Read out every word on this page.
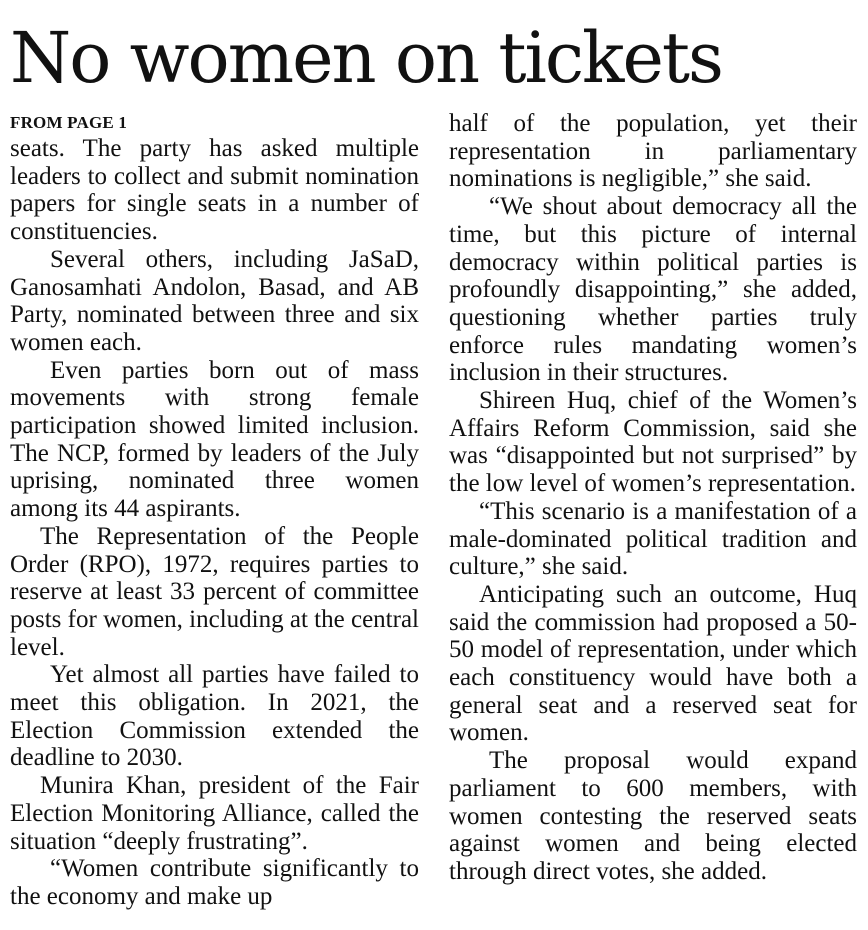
No women on tickets
FROM PAGE 1

seats. The party has asked multiple leaders to collect and submit nomination papers for single seats in a number of constituencies.

Several others, including JaSaD, Ganosamhati Andolon, Basad, and AB Party, nominated between three and six women each.

Even parties born out of mass movements with strong female participation showed limited inclusion. The NCP, formed by leaders of the July uprising, nominated three women among its 44 aspirants.

The Representation of the People Order (RPO), 1972, requires parties to reserve at least 33 percent of committee posts for women, including at the central level.

Yet almost all parties have failed to meet this obligation. In 2021, the Election Commission extended the deadline to 2030.

Munira Khan, president of the Fair Election Monitoring Alliance, called the situation “deeply frustrating”.

“Women contribute significantly to the economy and make up

half of the population, yet their representation in parliamentary nominations is negligible,” she said.

“We shout about democracy all the time, but this picture of internal democracy within political parties is profoundly disappointing,” she added, questioning whether parties truly enforce rules mandating women’s inclusion in their structures.

Shireen Huq, chief of the Women’s Affairs Reform Commission, said she was “disappointed but not surprised” by the low level of women’s representation.

“This scenario is a manifestation of a male-dominated political tradition and culture,” she said.

Anticipating such an outcome, Huq said the commission had proposed a 50-50 model of representation, under which each constituency would have both a general seat and a reserved seat for women.

The proposal would expand parliament to 600 members, with women contesting the reserved seats against women and being elected through direct votes, she added.
